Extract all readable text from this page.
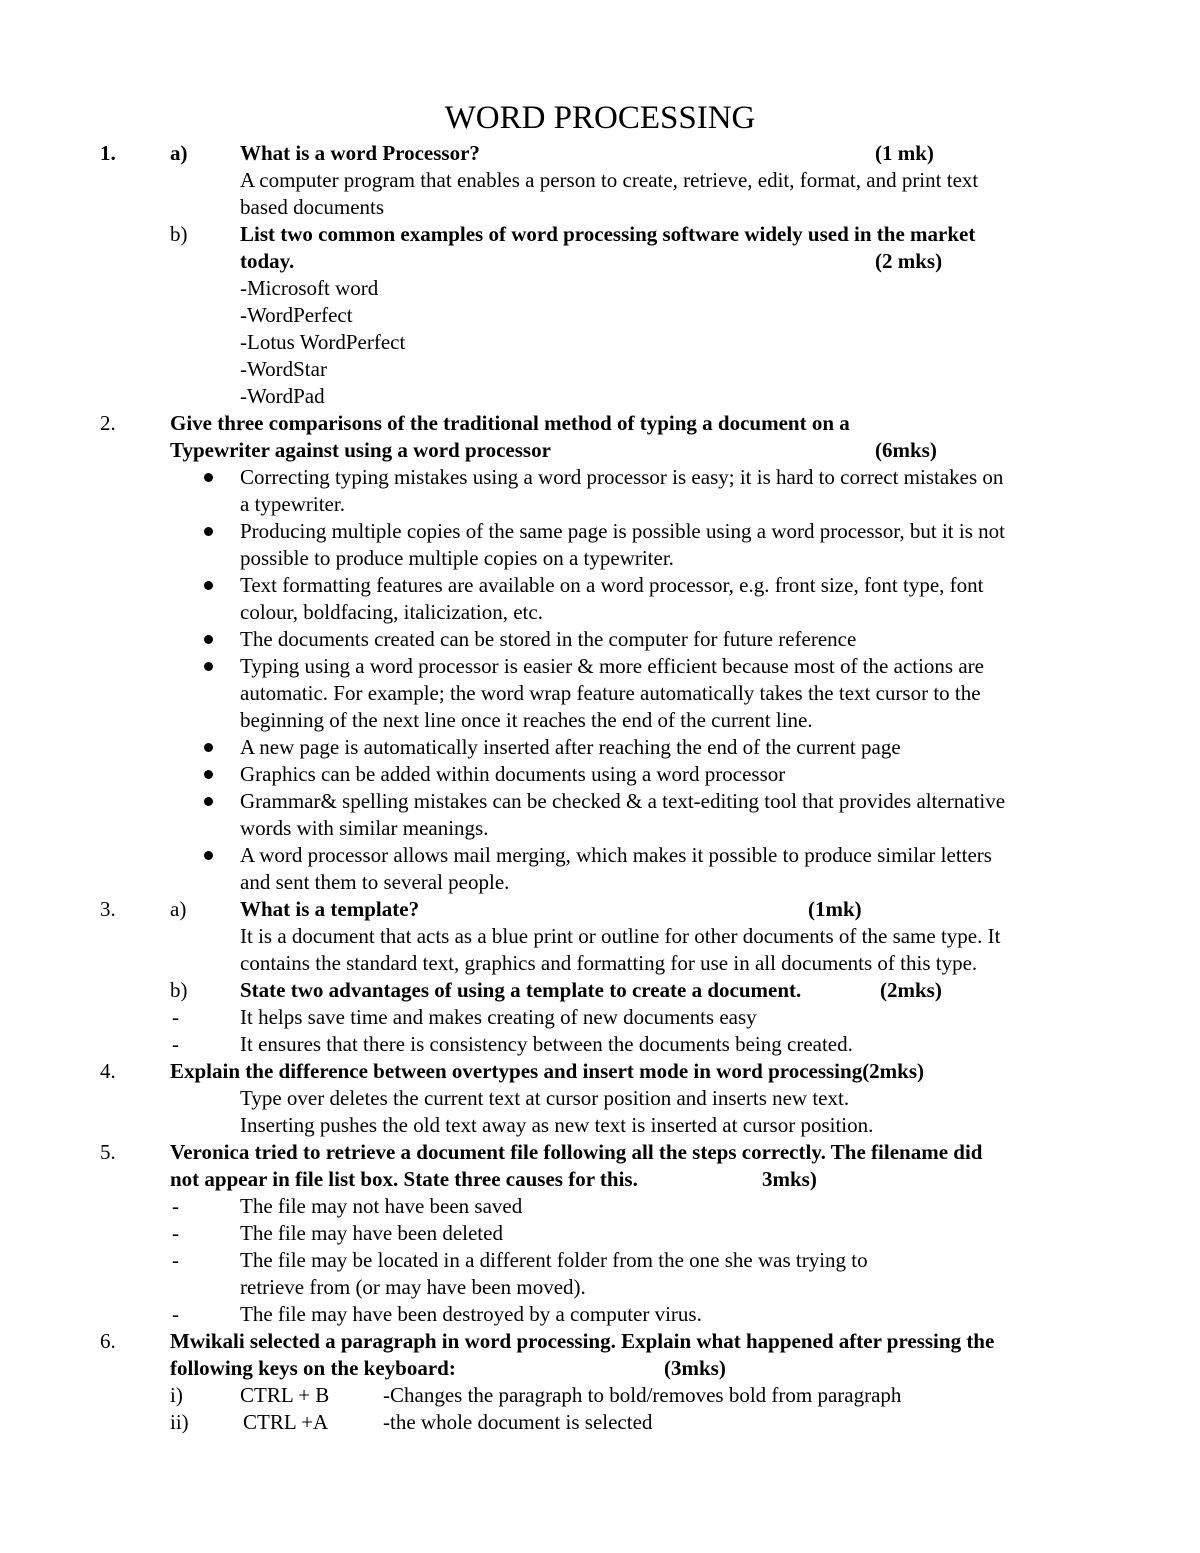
WORD PROCESSING
1.	a)	What is a word Processor?	(1 mk)
A computer program that enables a person to create, retrieve, edit, format, and print text
based documents
b)	List two common examples of word processing software widely used in the market
today.	(2 mks)
-Microsoft word
-WordPerfect
-Lotus WordPerfect
-WordStar
-WordPad
2.	Give three comparisons of the traditional method of typing a document on a
Typewriter against using a word processor	(6mks)
Correcting typing mistakes using a word processor is easy; it is hard to correct mistakes on
a typewriter.
Producing multiple copies of the same page is possible using a word processor, but it is not
possible to produce multiple copies on a typewriter.
Text formatting features are available on a word processor, e.g. front size, font type, font
colour, boldfacing, italicization, etc.
The documents created can be stored in the computer for future reference
Typing using a word processor is easier & more efficient because most of the actions are
automatic. For example; the word wrap feature automatically takes the text cursor to the
beginning of the next line once it reaches the end of the current line.
A new page is automatically inserted after reaching the end of the current page
Graphics can be added within documents using a word processor
Grammar& spelling mistakes can be checked & a text-editing tool that provides alternative
words with similar meanings.
A word processor allows mail merging, which makes it possible to produce similar letters
and sent them to several people.
3.	a)	What is a template?	(1mk)
It is a document that acts as a blue print or outline for other documents of the same type. It
contains the standard text, graphics and formatting for use in all documents of this type.
b)	State two advantages of using a template to create a document.	(2mks)
-	It helps save time and makes creating of new documents easy
-	It ensures that there is consistency between the documents being created.
4.	Explain the difference between overtypes and insert mode in word processing(2mks)
Type over deletes the current text at cursor position and inserts new text.
Inserting pushes the old text away as new text is inserted at cursor position.
5.	Veronica tried to retrieve a document file following all the steps correctly. The filename did
not appear in file list box. State three causes for this.	3mks)
-	The file may not have been saved
-	The file may have been deleted
-	The file may be located in a different folder from the one she was trying to
retrieve from (or may have been moved).
-	The file may have been destroyed by a computer virus.
6.	Mwikali selected a paragraph in word processing. Explain what happened after pressing the
following keys on the keyboard:	(3mks)
i)	CTRL + B	-Changes the paragraph to bold/removes bold from paragraph
ii)	CTRL +A	-the whole document is selected
